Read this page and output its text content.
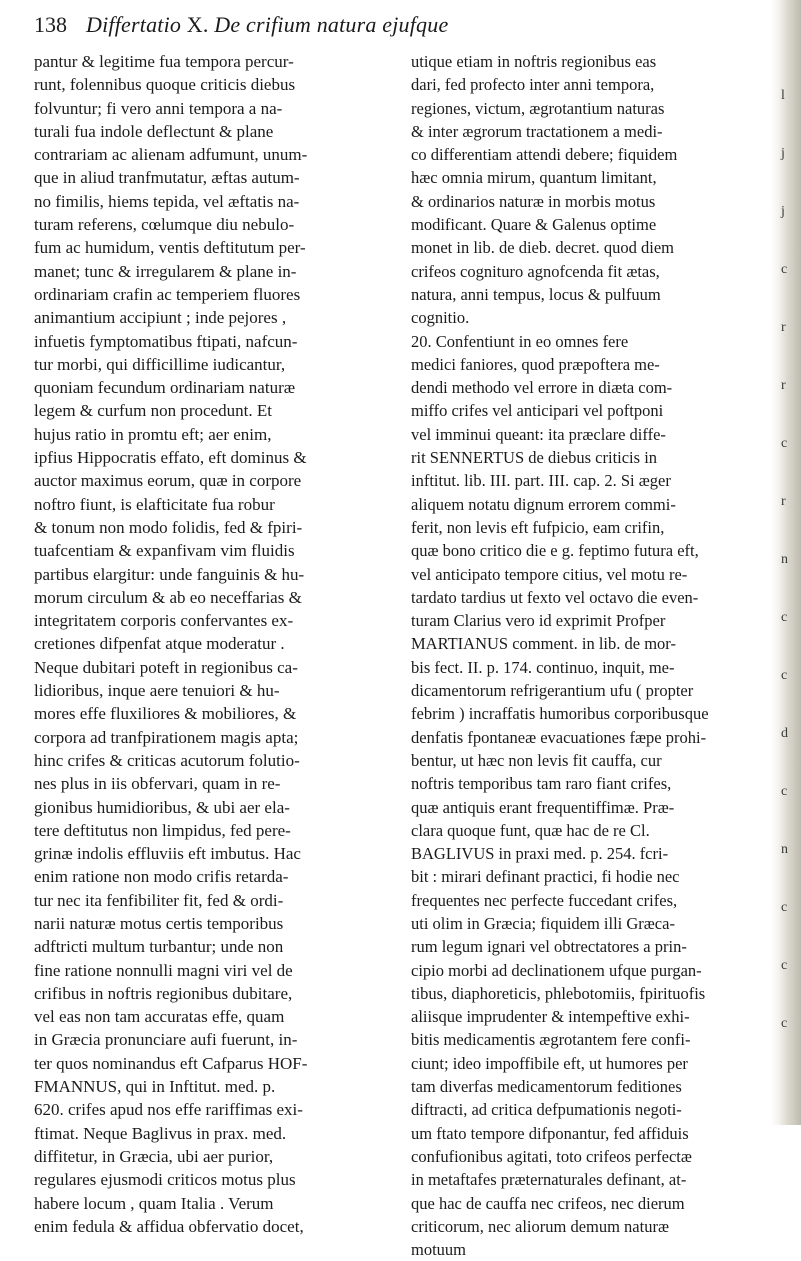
138 Differtatio X. De crifium natura ejufque
pantur & legitime fua tempora percur-
runt, folennibus quoque criticis diebus
folvuntur; fi vero anni tempora a na-
turali fua indole deflectunt & plane
contrariam ac alienam adfumunt, unum-
que in aliud tranfmutatur, æftas autum-
no fimilis, hiems tepida, vel æftatis na-
turam referens, cœlumque diu nebulo-
fum ac humidum, ventis deftitutum per-
manet; tunc & irregularem & plane in-
ordinariam crafin ac temperiem fluores
animantium accipiunt ; inde pejores ,
infuetis fymptomatibus ftipati, nafcun-
tur morbi, qui difficillime iudicantur,
quoniam fecundum ordinariam naturæ
legem & curfum non procedunt. Et
hujus ratio in promtu eft; aer enim,
ipfius Hippocratis effato, eft dominus &
auctor maximus eorum, quæ in corpore
noftro fiunt, is elafticitate fua robur
& tonum non modo folidis, fed & fpiri-
tuafcentiam & expanfivam vim fluidis
partibus elargitur: unde fanguinis & hu-
morum circulum & ab eo neceffarias &
integritatem corporis confervantes ex-
cretiones difpenfat atque moderatur .
Neque dubitari poteft in regionibus ca-
lidioribus, inque aere tenuiori & hu-
mores effe fluxiliores & mobiliores, &
corpora ad tranfpirationem magis apta;
hinc crifes & criticas acutorum folutio-
nes plus in iis obfervari, quam in re-
gionibus humidioribus, & ubi aer ela-
tere deftitutus non limpidus, fed pere-
grinæ indolis effluviis eft imbutus. Hac
enim ratione non modo crifis retarda-
tur nec ita fenfibiliter fit, fed & ordi-
narii naturæ motus certis temporibus
adftricti multum turbantur; unde non
fine ratione nonnulli magni viri vel de
crifibus in noftris regionibus dubitare,
vel eas non tam accuratas effe, quam
in Græcia pronunciare aufi fuerunt, in-
ter quos nominandus eft Cafparus HOF-
FMANNUS, qui in Inftitut. med. p.
620. crifes apud nos effe rariffimas exi-
ftimat. Neque Baglivus in prax. med.
diffitetur, in Græcia, ubi aer purior,
regulares ejusmodi criticos motus plus
habere locum , quam Italia . Verum
enim fedula & affidua obfervatio docet,
utique etiam in noftris regionibus eas
dari, fed profecto inter anni tempora,
regiones, victum, ægrotantium naturas
& inter ægrorum tractationem a medi-
co differentiam attendi debere; fiquidem
hæc omnia mirum, quantum limitant,
& ordinarios naturæ in morbis motus
modificant. Quare & Galenus optime
monet in lib. de dieb. decret. quod diem
crifeos cognituro agnofcenda fit ætas,
natura, anni tempus, locus & pulfuum
cognitio.
20. Confentiunt in eo omnes fere
medici faniores, quod præpoftera me-
dendi methodo vel errore in diæta com-
miffo crifes vel anticipari vel poftponi
vel imminui queant: ita præclare diffe-
rit SENNERTUS de diebus criticis in
inftitut. lib. III. part. III. cap. 2. Si æger
aliquem notatu dignum errorem commi-
ferit, non levis eft fufpicio, eam crifin,
quæ bono critico die e g. feptimo futura eft,
vel anticipato tempore citius, vel motu re-
tardato tardius ut fexto vel octavo die even-
turam Clarius vero id exprimit Profper
MARTIANUS comment. in lib. de mor-
bis fect. II. p. 174. continuo, inquit, me-
dicamentorum refrigerantium ufu ( propter
febrim ) incraffatis humoribus corporibusque
denfatis fpontaneæ evacuationes fæpe prohi-
bentur, ut hæc non levis fit cauffa, cur
noftris temporibus tam raro fiant crifes,
quæ antiquis erant frequentiffimæ. Præ-
clara quoque funt, quæ hac de re Cl.
BAGLIVUS in praxi med. p. 254. fcri-
bit : mirari definant practici, fi hodie nec
frequentes nec perfecte fuccedant crifes,
uti olim in Græcia; fiquidem illi Græca-
rum legum ignari vel obtrectatores a prin-
cipio morbi ad declinationem ufque purgan-
tibus, diaphoreticis, phlebotomiis, fpirituofis
aliisque imprudenter & intempeftive exhi-
bitis medicamentis ægrotantem fere confi-
ciunt; ideo impoffibile eft, ut humores per
tam diverfas medicamentorum feditiones
diftracti, ad critica defpumationis negoti-
um ftato tempore difponantur, fed affiduis
confufionibus agitati, toto crifeos perfectæ
in metaftafes præternaturales definant, at-
que hac de cauffa nec crifeos, nec dierum
criticorum, nec aliorum demum naturæ
motuum
l
j
j
c
r
r
c
r
n
c
c
d
c
n
c
c
c
